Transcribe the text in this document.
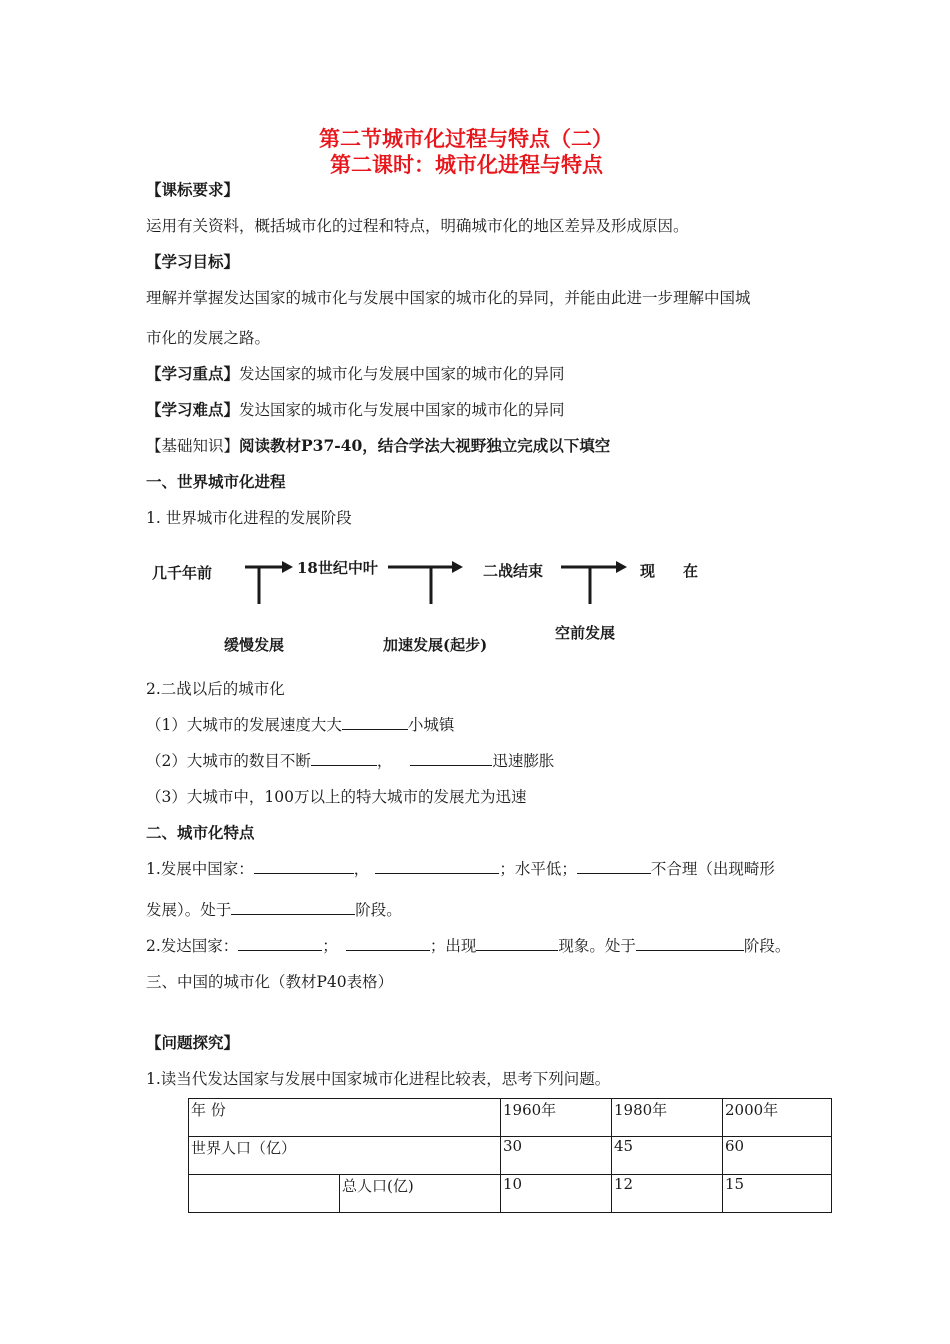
第二节城市化过程与特点（二）
第二课时：城市化进程与特点
【课标要求】
运用有关资料，概括城市化的过程和特点，明确城市化的地区差异及形成原因。
【学习目标】
理解并掌握发达国家的城市化与发展中国家的城市化的异同，并能由此进一步理解中国城
市化的发展之路。
【学习重点】发达国家的城市化与发展中国家的城市化的异同
【学习难点】发达国家的城市化与发展中国家的城市化的异同
【基础知识】阅读教材P37-40，结合学法大视野独立完成以下填空
一、世界城市化进程
1. 世界城市化进程的发展阶段
几千年前	18世纪中叶	二战结束	现 在
缓慢发展	加速发展(起步)
空前发展
2.二战以后的城市化
（1）大城市的发展速度大大	小城镇
（2）大城市的数目不断	，	迅速膨胀
（3）大城市中，100万以上的特大城市的发展尤为迅速
二、城市化特点
1.发展中国家：	，	；水平低；	不合理（出现畸形
发展）。处于	阶段。
2.发达国家：	；	；出现	现象。处于	阶段。
三、中国的城市化（教材P40表格）
【问题探究】
1.读当代发达国家与发展中国家城市化进程比较表，思考下列问题。
年 份		1960年	1980年	2000年
世界人口（亿）		30	45	60
	总人口(亿)	10	12	15
